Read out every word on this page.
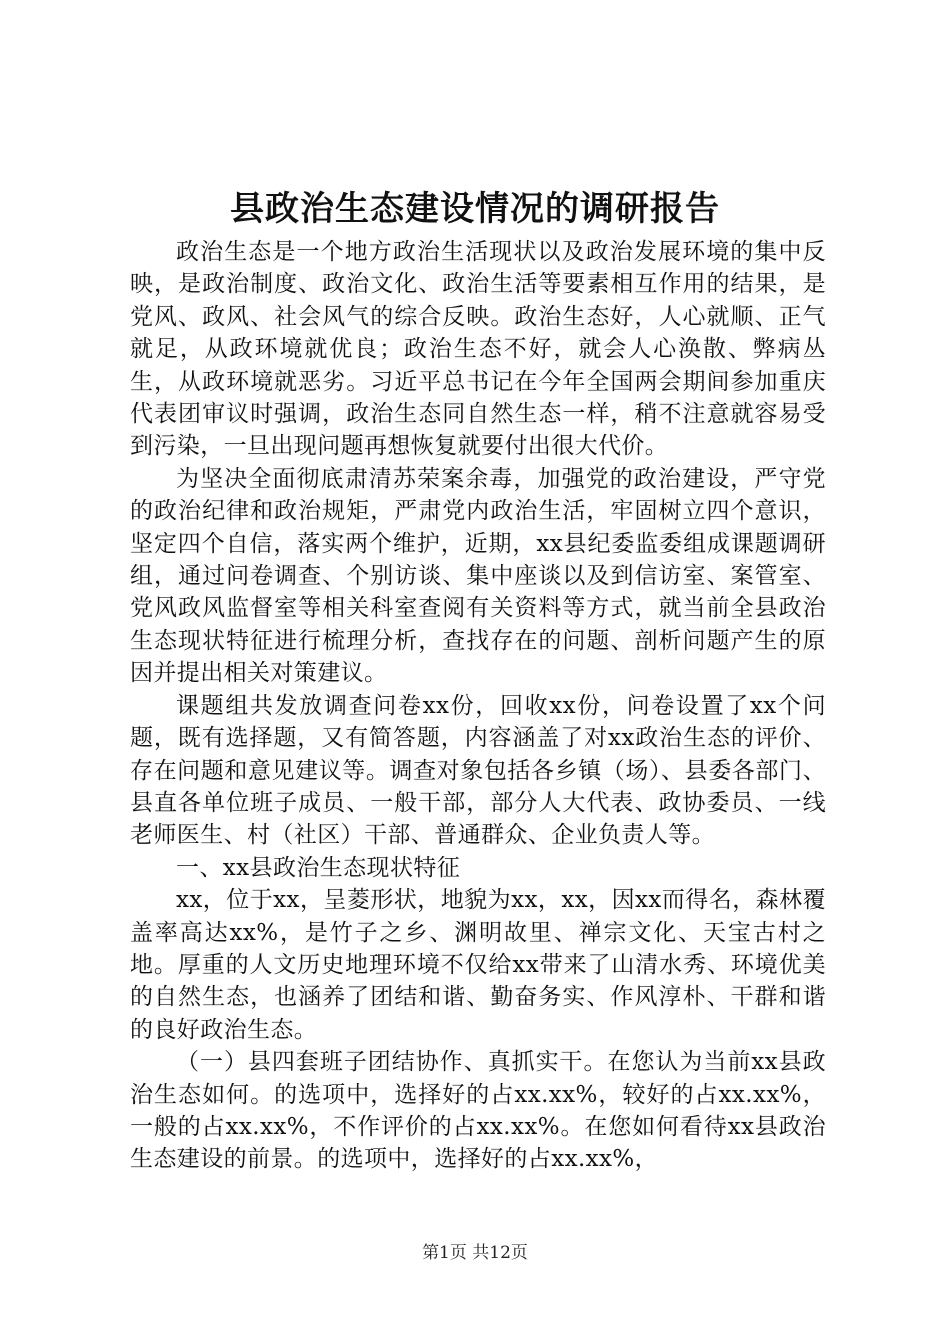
县政治生态建设情况的调研报告

政治生态是一个地方政治生活现状以及政治发展环境的集中反映，是政治制度、政治文化、政治生活等要素相互作用的结果，是党风、政风、社会风气的综合反映。政治生态好，人心就顺、正气就足，从政环境就优良；政治生态不好，就会人心涣散、弊病丛生，从政环境就恶劣。习近平总书记在今年全国两会期间参加重庆代表团审议时强调，政治生态同自然生态一样，稍不注意就容易受到污染，一旦出现问题再想恢复就要付出很大代价。

为坚决全面彻底肃清苏荣案余毒，加强党的政治建设，严守党的政治纪律和政治规矩，严肃党内政治生活，牢固树立四个意识，坚定四个自信，落实两个维护，近期，xx县纪委监委组成课题调研组，通过问卷调查、个别访谈、集中座谈以及到信访室、案管室、党风政风监督室等相关科室查阅有关资料等方式，就当前全县政治生态现状特征进行梳理分析，查找存在的问题、剖析问题产生的原因并提出相关对策建议。

课题组共发放调查问卷xx份，回收xx份，问卷设置了xx个问题，既有选择题，又有简答题，内容涵盖了对xx政治生态的评价、存在问题和意见建议等。调查对象包括各乡镇（场）、县委各部门、县直各单位班子成员、一般干部，部分人大代表、政协委员、一线老师医生、村（社区）干部、普通群众、企业负责人等。

一、xx县政治生态现状特征

xx，位于xx，呈菱形状，地貌为xx，xx，因xx而得名，森林覆盖率高达xx%，是竹子之乡、渊明故里、禅宗文化、天宝古村之地。厚重的人文历史地理环境不仅给xx带来了山清水秀、环境优美的自然生态，也涵养了团结和谐、勤奋务实、作风淳朴、干群和谐的良好政治生态。

（一）县四套班子团结协作、真抓实干。在您认为当前xx县政治生态如何。的选项中，选择好的占xx.xx%，较好的占xx.xx%，一般的占xx.xx%，不作评价的占xx.xx%。在您如何看待xx县政治生态建设的前景。的选项中，选择好的占xx.xx%，

第1页 共12页
